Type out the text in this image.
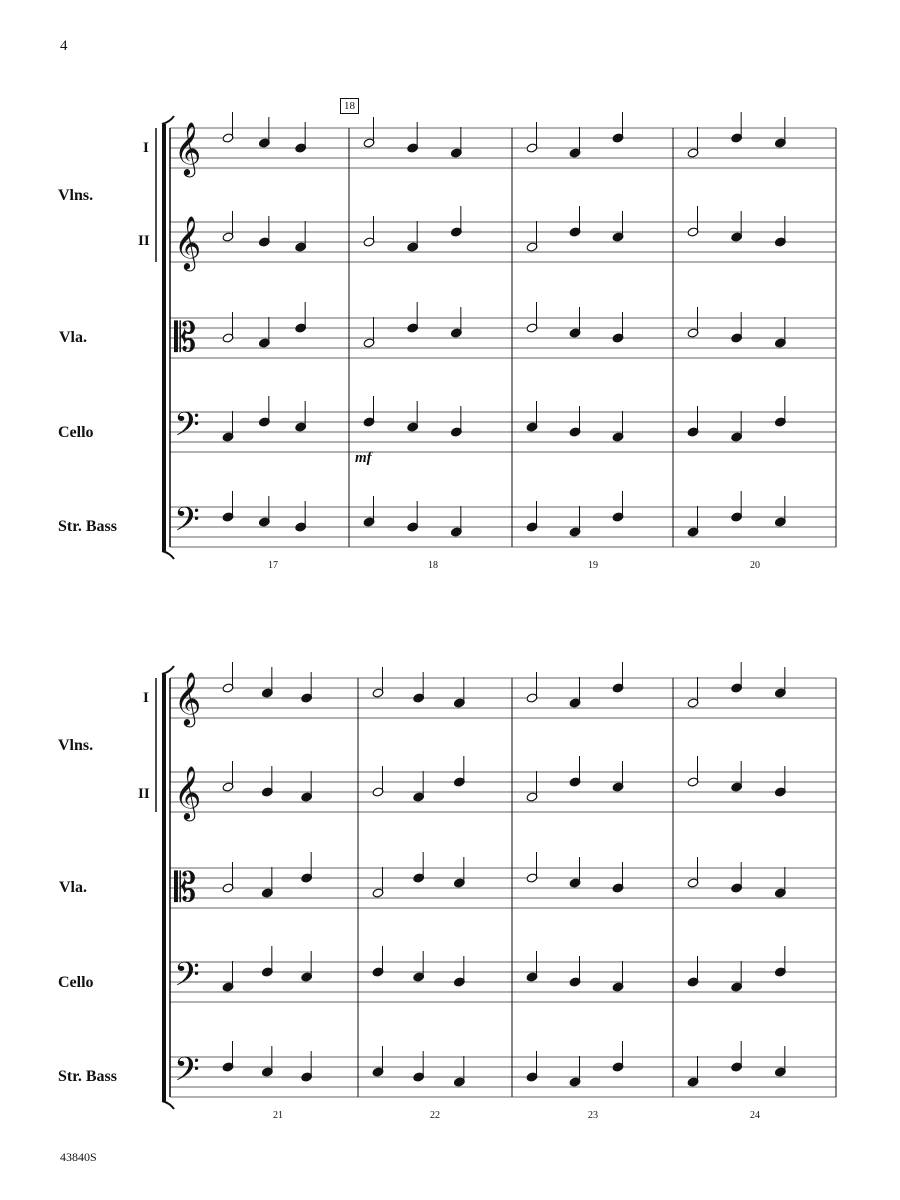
4
Vlns.
I
II
Vla.
Cello
Str. Bass
18
mf
17	18	19	20
Vlns.
I
II
Vla.
Cello
Str. Bass
21	22	23	24
43840S
𝄞
𝄞
𝄡
𝄢
𝄢
𝄞
𝄞
𝄡
𝄢
𝄢
